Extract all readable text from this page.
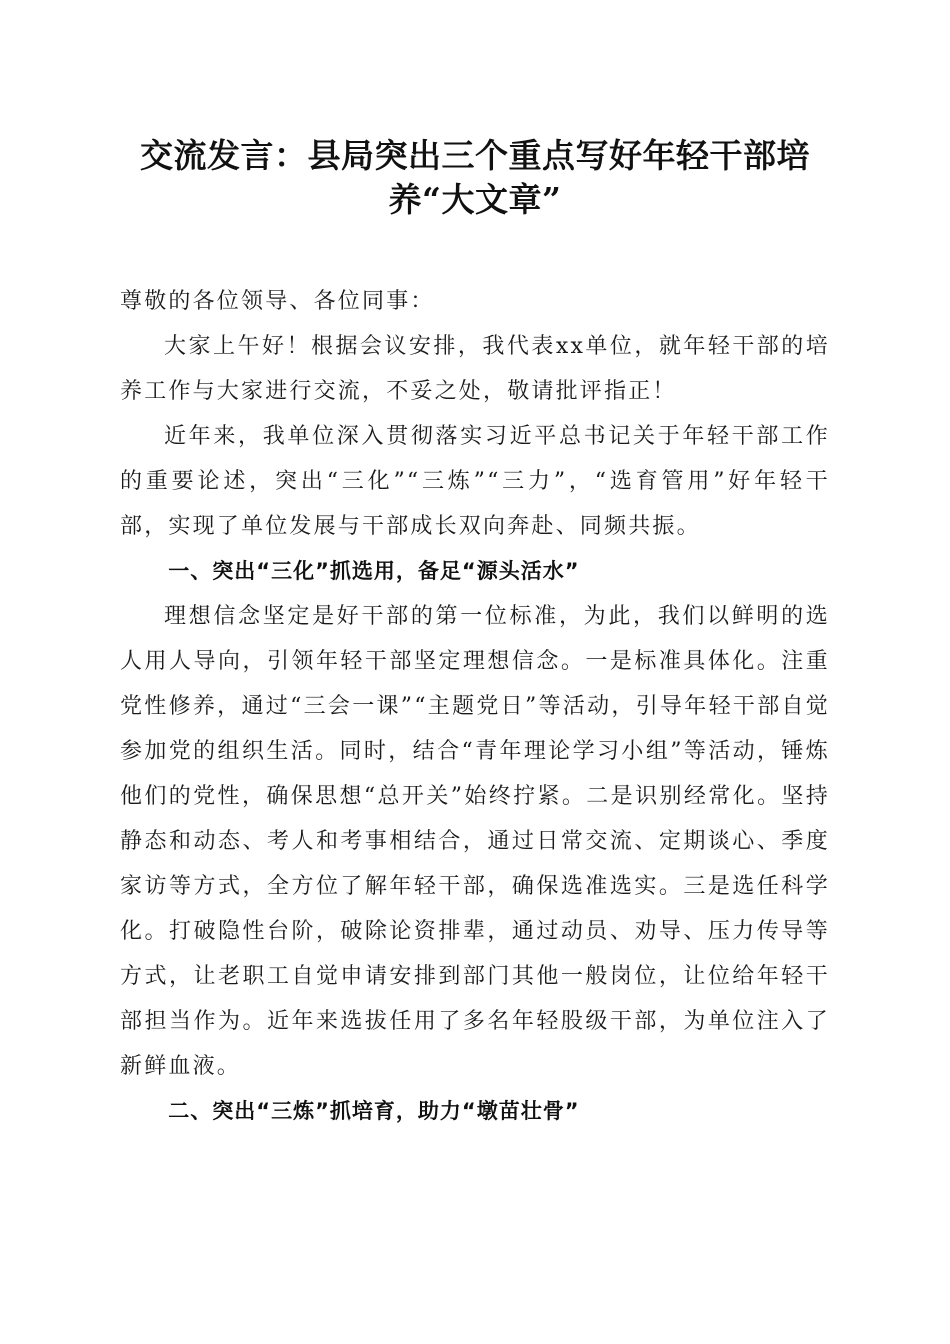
交流发言：县局突出三个重点写好年轻干部培
养“大文章”

尊敬的各位领导、各位同事：

大家上午好！根据会议安排，我代表xx单位，就年轻干部的培养工作与大家进行交流，不妥之处，敬请批评指正！

近年来，我单位深入贯彻落实习近平总书记关于年轻干部工作的重要论述，突出“三化”“三炼”“三力”，“选育管用”好年轻干部，实现了单位发展与干部成长双向奔赴、同频共振。

一、突出“三化”抓选用，备足“源头活水”

理想信念坚定是好干部的第一位标准，为此，我们以鲜明的选人用人导向，引领年轻干部坚定理想信念。一是标准具体化。注重党性修养，通过“三会一课”“主题党日”等活动，引导年轻干部自觉参加党的组织生活。同时，结合“青年理论学习小组”等活动，锤炼他们的党性，确保思想“总开关”始终拧紧。二是识别经常化。坚持静态和动态、考人和考事相结合，通过日常交流、定期谈心、季度家访等方式，全方位了解年轻干部，确保选准选实。三是选任科学化。打破隐性台阶，破除论资排辈，通过动员、劝导、压力传导等方式，让老职工自觉申请安排到部门其他一般岗位，让位给年轻干部担当作为。近年来选拔任用了多名年轻股级干部，为单位注入了新鲜血液。

二、突出“三炼”抓培育，助力“墩苗壮骨”
